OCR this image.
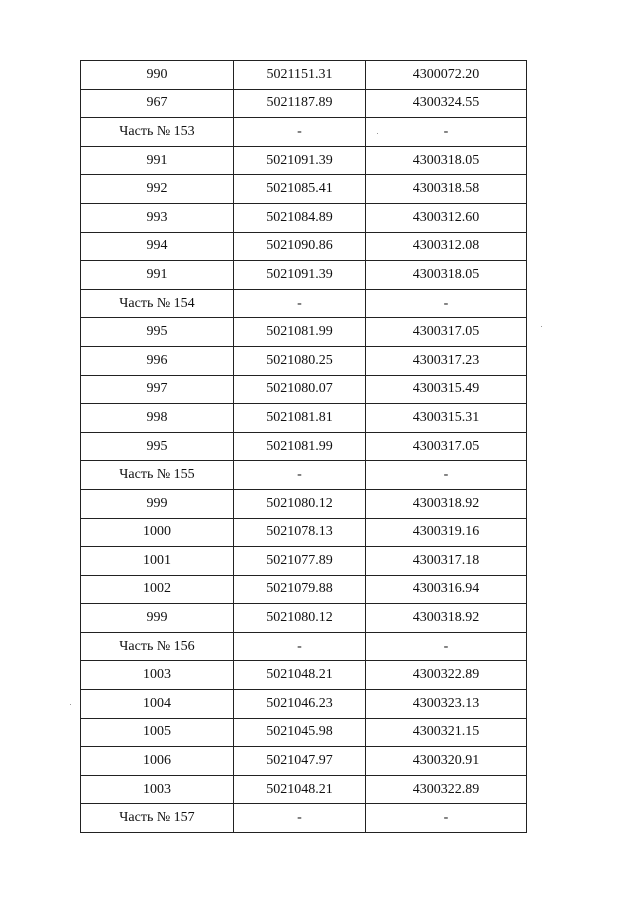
990	5021151.31	4300072.20
967	5021187.89	4300324.55
Часть № 153	-	-
991	5021091.39	4300318.05
992	5021085.41	4300318.58
993	5021084.89	4300312.60
994	5021090.86	4300312.08
991	5021091.39	4300318.05
Часть № 154	-	-
995	5021081.99	4300317.05
996	5021080.25	4300317.23
997	5021080.07	4300315.49
998	5021081.81	4300315.31
995	5021081.99	4300317.05
Часть № 155	-	-
999	5021080.12	4300318.92
1000	5021078.13	4300319.16
1001	5021077.89	4300317.18
1002	5021079.88	4300316.94
999	5021080.12	4300318.92
Часть № 156	-	-
1003	5021048.21	4300322.89
1004	5021046.23	4300323.13
1005	5021045.98	4300321.15
1006	5021047.97	4300320.91
1003	5021048.21	4300322.89
Часть № 157	-	-
